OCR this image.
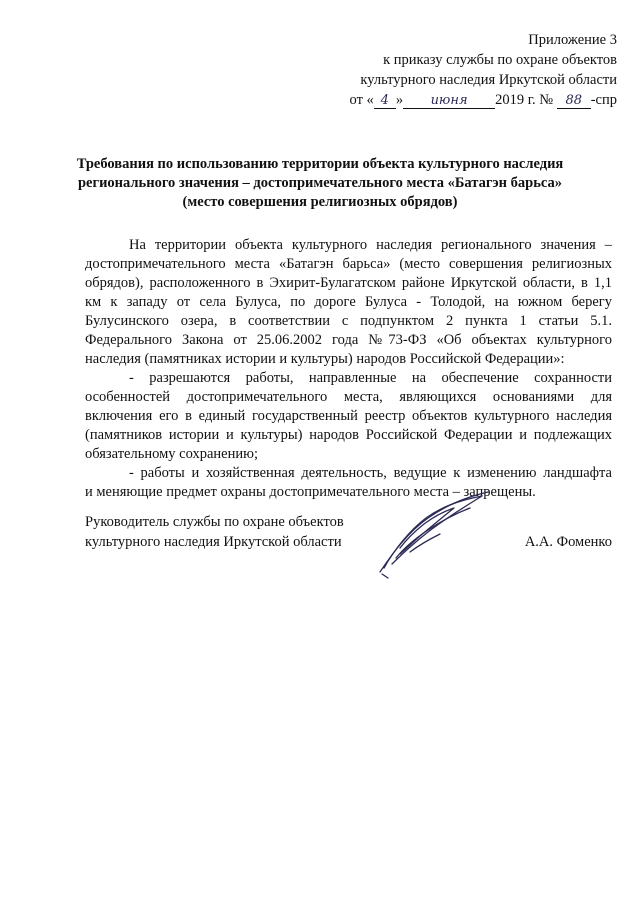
Приложение 3
к приказу службы по охране объектов
культурного наследия Иркутской области
от « 4 » июня 2019 г. № 88 -спр
Требования по использованию территории объекта культурного наследия
регионального значения – достопримечательного места «Батагэн барьса»
(место совершения религиозных обрядов)
На территории объекта культурного наследия регионального значения –
достопримечательного места «Батагэн барьса» (место совершения религиозных
обрядов), расположенного в Эхирит-Булагатском районе Иркутской области, в 1,1
км к западу от села Булуса, по дороге Булуса - Толодой, на южном берегу
Булусинского озера, в соответствии с подпунктом 2 пункта 1 статьи 5.1.
Федерального Закона от 25.06.2002 года №73-ФЗ «Об объектах культурного
наследия (памятниках истории и культуры) народов Российской Федерации»:
- разрешаются работы, направленные на обеспечение сохранности
особенностей достопримечательного места, являющихся основаниями для
включения его в единый государственный реестр объектов культурного наследия
(памятников истории и культуры) народов Российской Федерации и подлежащих
обязательному сохранению;
- работы и хозяйственная деятельность, ведущие к изменению ландшафта
и меняющие предмет охраны достопримечательного места – запрещены.
Руководитель службы по охране объектов
культурного наследия Иркутской области	А.А. Фоменко
